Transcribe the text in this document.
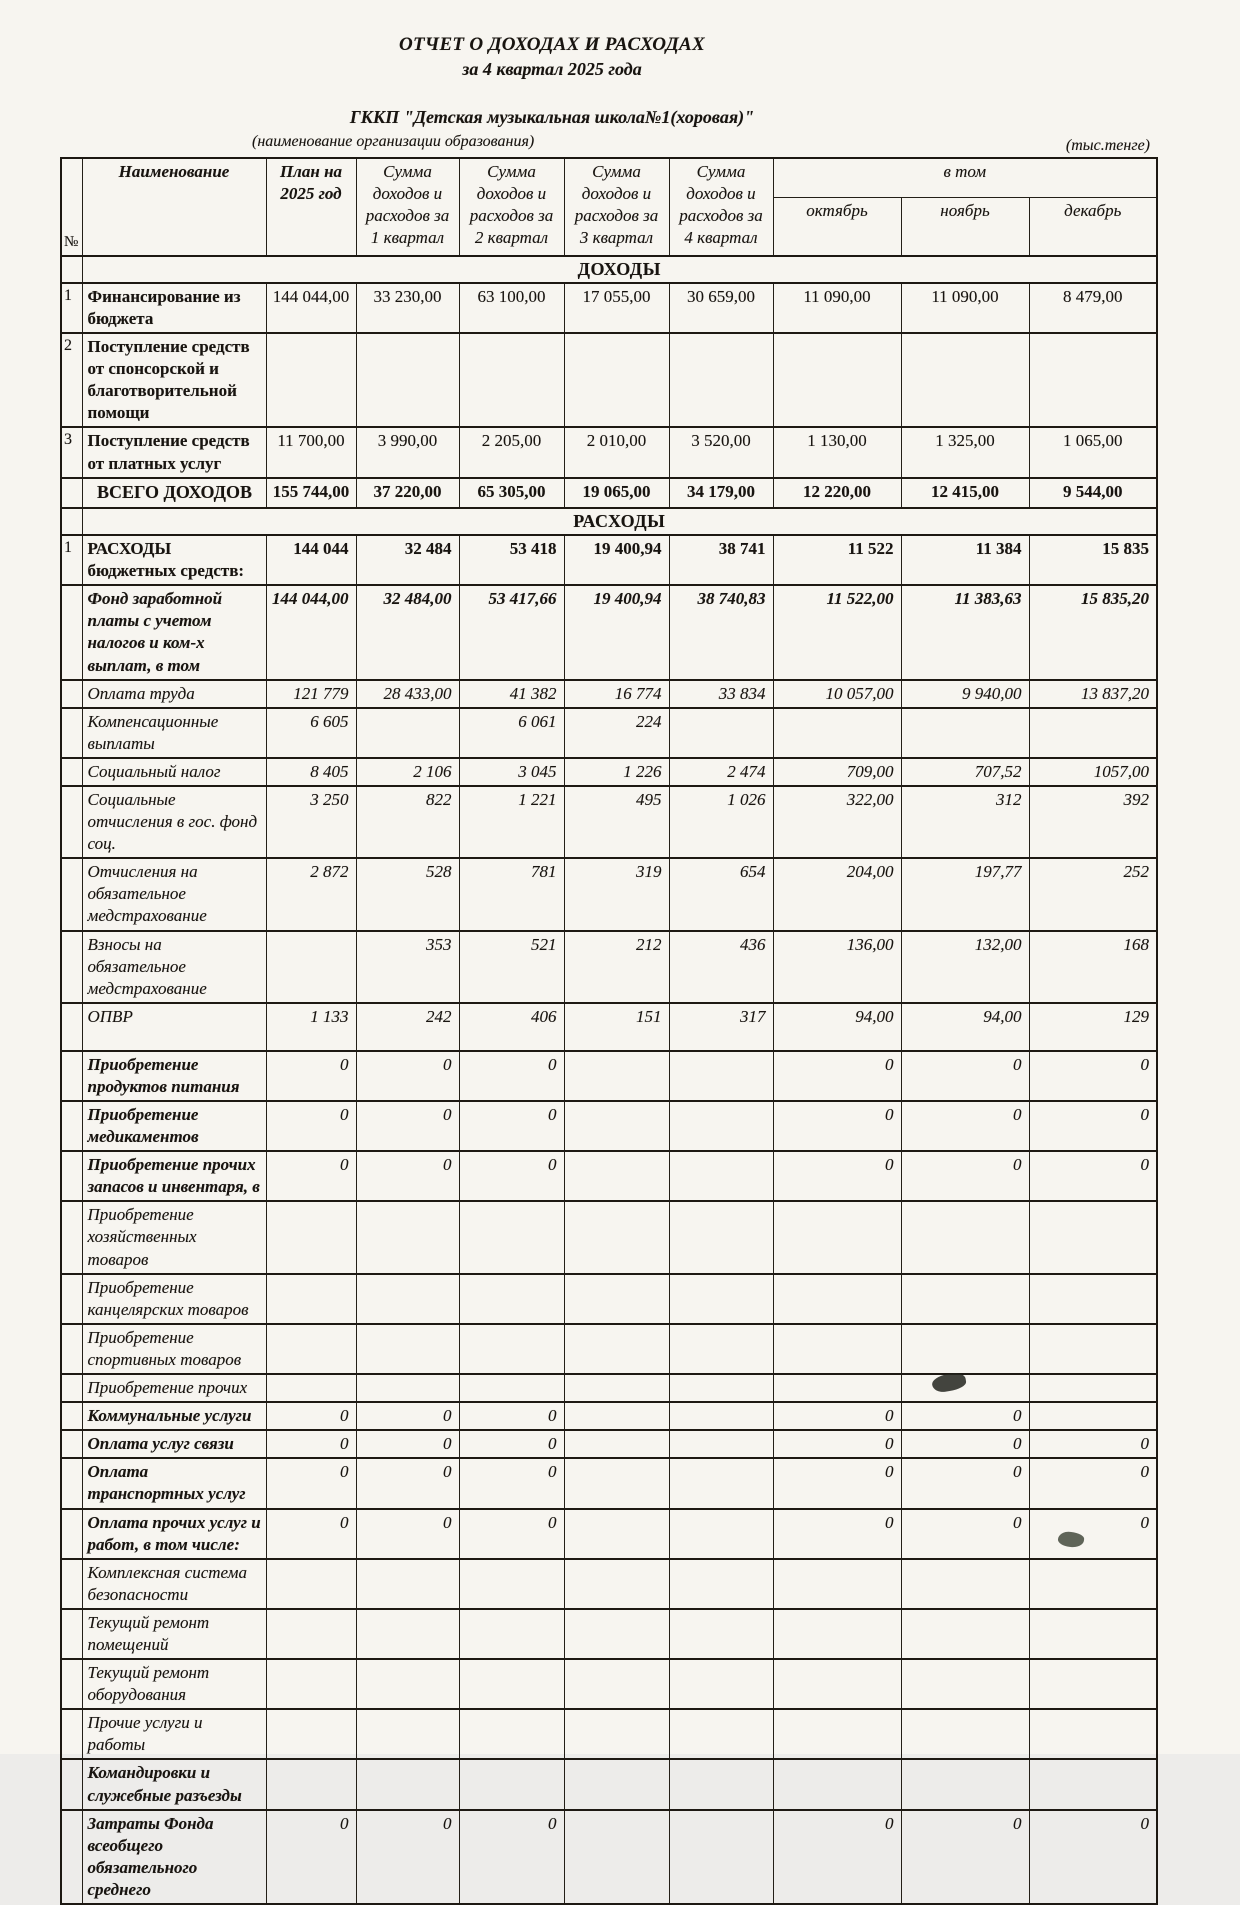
ОТЧЕТ О ДОХОДАХ И РАСХОДАХ
за 4 квартал 2025 года
ГККП "Детская музыкальная школа№1(хоровая)"
(наименование организации образования)	(тыс.тенге)
№	Наименование	План на 2025 год	Сумма доходов и расходов за 1 квартал	Сумма доходов и расходов за 2 квартал	Сумма доходов и расходов за 3 квартал	Сумма доходов и расходов за 4 квартал	в том		
							октябрь	ноябрь	декабрь
	ДОХОДЫ								
1	Финансирование из бюджета	144 044,00	33 230,00	63 100,00	17 055,00	30 659,00	11 090,00	11 090,00	8 479,00
2	Поступление средств от спонсорской и благотворительной помощи								
3	Поступление средств от платных услуг	11 700,00	3 990,00	2 205,00	2 010,00	3 520,00	1 130,00	1 325,00	1 065,00
	ВСЕГО ДОХОДОВ	155 744,00	37 220,00	65 305,00	19 065,00	34 179,00	12 220,00	12 415,00	9 544,00
	РАСХОДЫ								
1	РАСХОДЫ бюджетных средств:	144 044	32 484	53 418	19 400,94	38 741	11 522	11 384	15 835
	Фонд заработной платы с учетом налогов и ком-х выплат, в том	144 044,00	32 484,00	53 417,66	19 400,94	38 740,83	11 522,00	11 383,63	15 835,20
	Оплата труда	121 779	28 433,00	41 382	16 774	33 834	10 057,00	9 940,00	13 837,20
	Компенсационные выплаты	6 605		6 061	224				
	Социальный налог	8 405	2 106	3 045	1 226	2 474	709,00	707,52	1057,00
	Социальные отчисления в гос. фонд соц.	3 250	822	1 221	495	1 026	322,00	312	392
	Отчисления на обязательное медстрахование	2 872	528	781	319	654	204,00	197,77	252
	Взносы на обязательное медстрахование		353	521	212	436	136,00	132,00	168
	ОПВР	1 133	242	406	151	317	94,00	94,00	129
	Приобретение продуктов питания	0	0	0			0	0	0
	Приобретение медикаментов	0	0	0			0	0	0
	Приобретение прочих запасов и инвентаря, в	0	0	0			0	0	0
	Приобретение хозяйственных товаров								
	Приобретение канцелярских товаров								
	Приобретение спортивных товаров								
	Приобретение прочих								
	Коммунальные услуги	0	0	0			0	0	
	Оплата услуг связи	0	0	0			0	0	0
	Оплата транспортных услуг	0	0	0			0	0	0
	Оплата прочих услуг и работ, в том числе:	0	0	0			0	0	0
	Комплексная система безопасности								
	Текущий ремонт помещений								
	Текущий ремонт оборудования								
	Прочие услуги и работы								
	Командировки и служебные разъезды								
	Затраты Фонда всеобщего обязательного среднего	0	0	0			0	0	0
